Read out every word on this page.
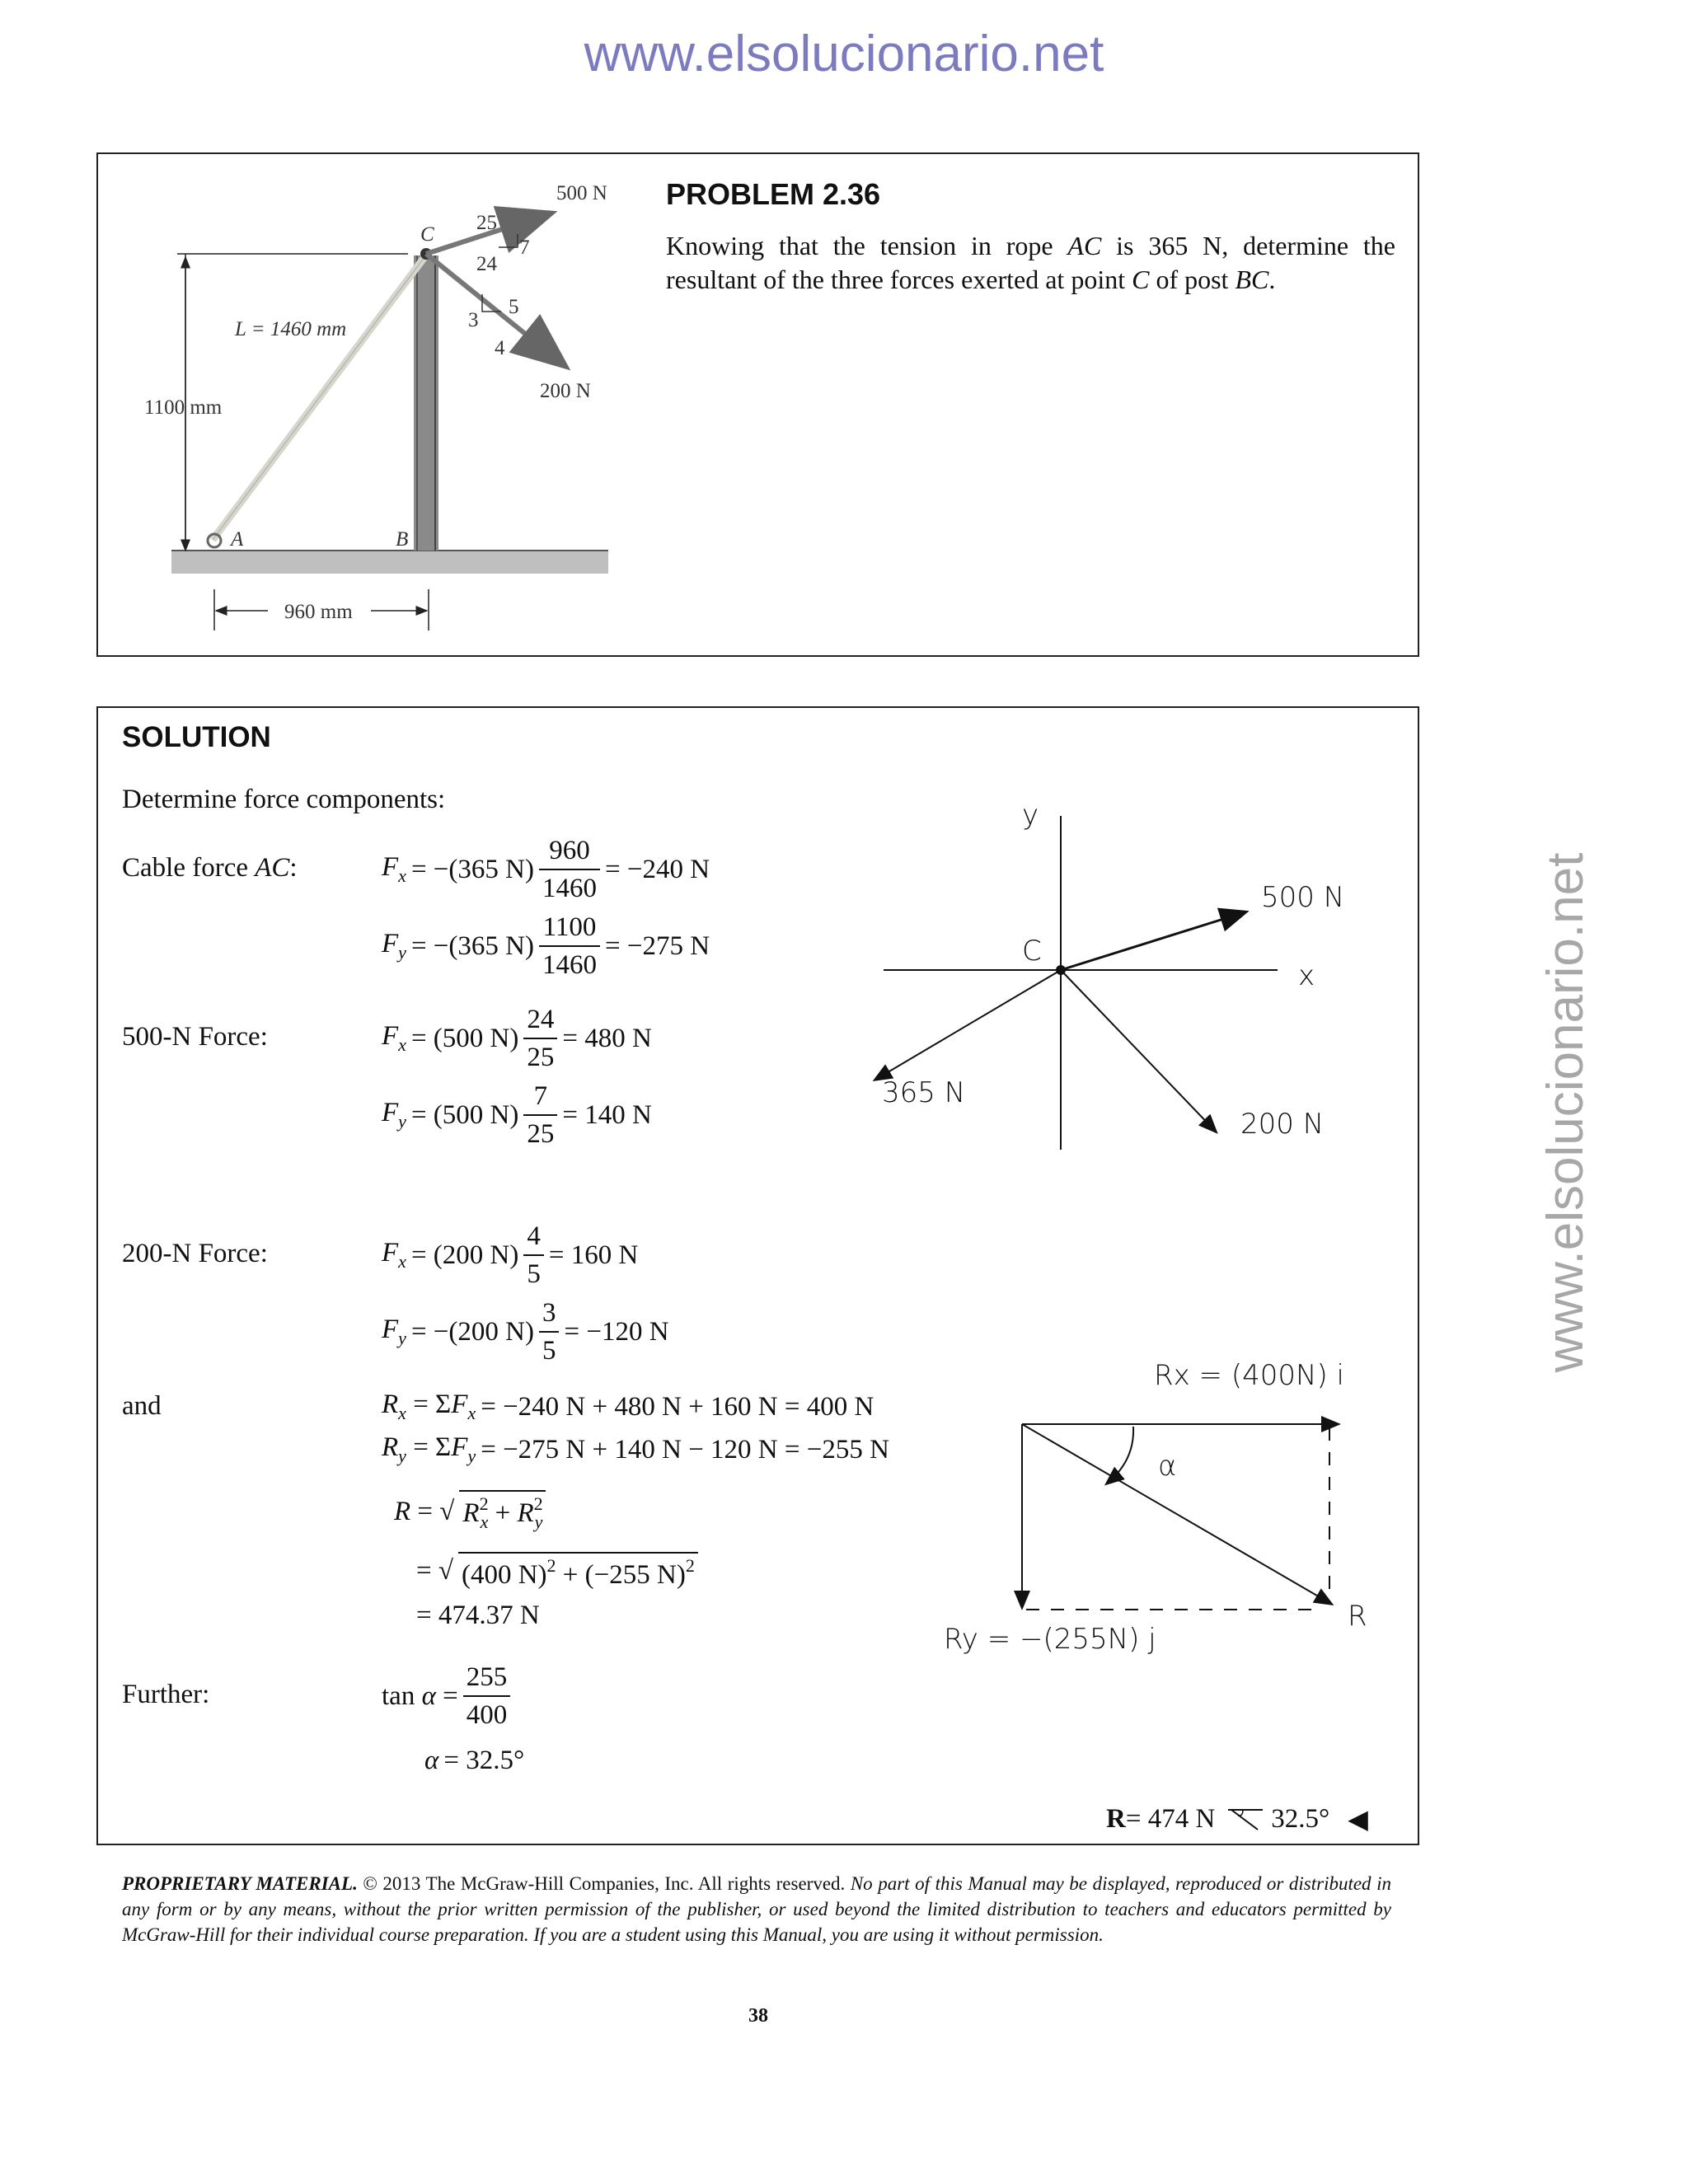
www.elsolucionario.net
www.elsolucionario.net
500 N
200 N
25
7
24
5
3
4
L = 1460 mm
1100 mm
960 mm
A	B
C
PROBLEM 2.36
Knowing that the tension in rope AC is 365 N, determine the resultant of the three forces exerted at point C of post BC.
SOLUTION
Determine force components:
Cable force AC:
500-N Force:
200-N Force:
and
Further:
$F_x = -(365$ $N) \frac{960}{1460} = -240$ N
$F_y = -(365$ $N) \frac{1100}{1460} = -275$ N
$F_x = (500$ $N) \frac{24}{25} = 480$ N
$F_y = (500$ $N) \frac{7}{25} = 140$ N
$F_x = (200$ $N) \frac{4}{5} = 160$ N
$F_y = -(200$ $N) \frac{3}{5} = -120$ N
$R_x = \Sigma F_x = -240$ N + 480 N + 160 N = 400 N
$R_y = \Sigma F_y = -275$ N + 140 N − 120 N = −255 N
R = √ $R^2_x + R^2_y$
= √ (400 N)$^2$ + (−255 N)$^2$
= 474.37 N
$\tan \alpha = \frac{255}{400}$
α = 32.5°
R = 474 N 32.5° ◀
y
x
C
500 N
365 N
200 N
α
Rx = (400N) i
Ry = −(255N) j
R
PROPRIETARY MATERIAL. © 2013 The McGraw-Hill Companies, Inc. All rights reserved. No part of this Manual may be displayed, reproduced or distributed in any form or by any means, without the prior written permission of the publisher, or used beyond the limited distribution to teachers and educators permitted by McGraw-Hill for their individual course preparation. If you are a student using this Manual, you are using it without permission.
38
